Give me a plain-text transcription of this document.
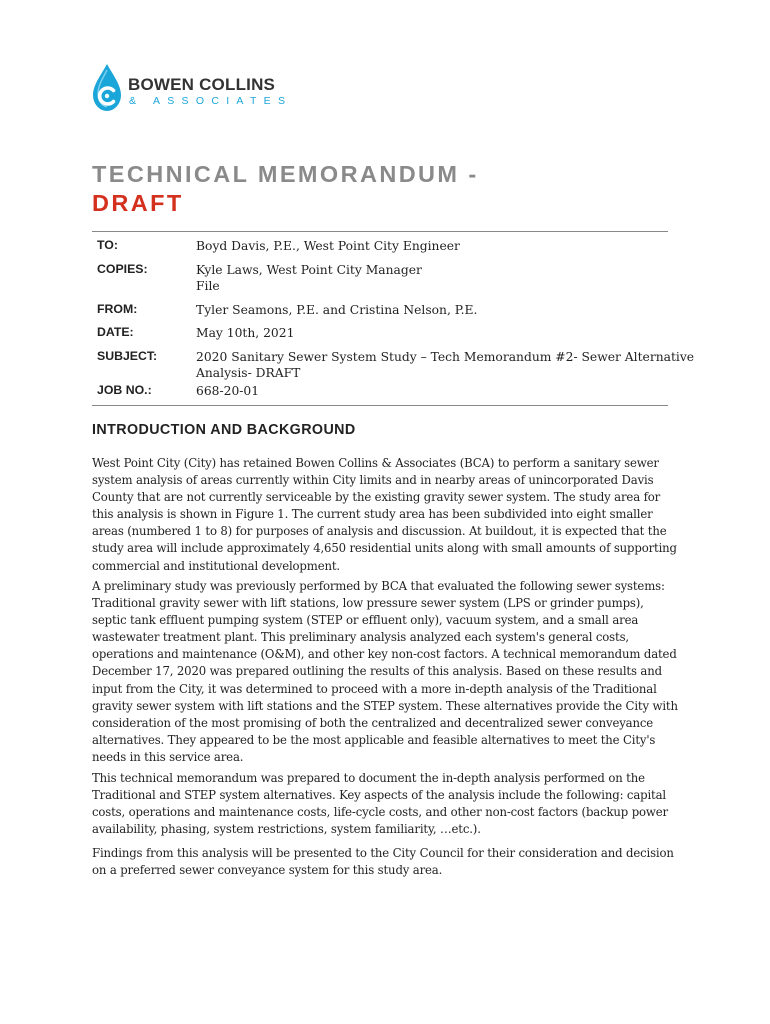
BOWEN COLLINS
& ASSOCIATES
TECHNICAL MEMORANDUM -
DRAFT
TO:	Boyd Davis, P.E., West Point City Engineer
COPIES:	Kyle Laws, West Point City Manager
File
FROM:	Tyler Seamons, P.E. and Cristina Nelson, P.E.
DATE:	May 10th, 2021
SUBJECT:	2020 Sanitary Sewer System Study – Tech Memorandum #2- Sewer Alternative
Analysis- DRAFT
JOB NO.:	668-20-01
INTRODUCTION AND BACKGROUND
West Point City (City) has retained Bowen Collins & Associates (BCA) to perform a sanitary sewer
system analysis of areas currently within City limits and in nearby areas of unincorporated Davis
County that are not currently serviceable by the existing gravity sewer system. The study area for
this analysis is shown in Figure 1. The current study area has been subdivided into eight smaller
areas (numbered 1 to 8) for purposes of analysis and discussion. At buildout, it is expected that the
study area will include approximately 4,650 residential units along with small amounts of supporting
commercial and institutional development.
A preliminary study was previously performed by BCA that evaluated the following sewer systems:
Traditional gravity sewer with lift stations, low pressure sewer system (LPS or grinder pumps),
septic tank effluent pumping system (STEP or effluent only), vacuum system, and a small area
wastewater treatment plant. This preliminary analysis analyzed each system's general costs,
operations and maintenance (O&M), and other key non-cost factors. A technical memorandum dated
December 17, 2020 was prepared outlining the results of this analysis. Based on these results and
input from the City, it was determined to proceed with a more in-depth analysis of the Traditional
gravity sewer system with lift stations and the STEP system. These alternatives provide the City with
consideration of the most promising of both the centralized and decentralized sewer conveyance
alternatives. They appeared to be the most applicable and feasible alternatives to meet the City's
needs in this service area.
This technical memorandum was prepared to document the in-depth analysis performed on the
Traditional and STEP system alternatives. Key aspects of the analysis include the following: capital
costs, operations and maintenance costs, life-cycle costs, and other non-cost factors (backup power
availability, phasing, system restrictions, system familiarity, …etc.).
Findings from this analysis will be presented to the City Council for their consideration and decision
on a preferred sewer conveyance system for this study area.
